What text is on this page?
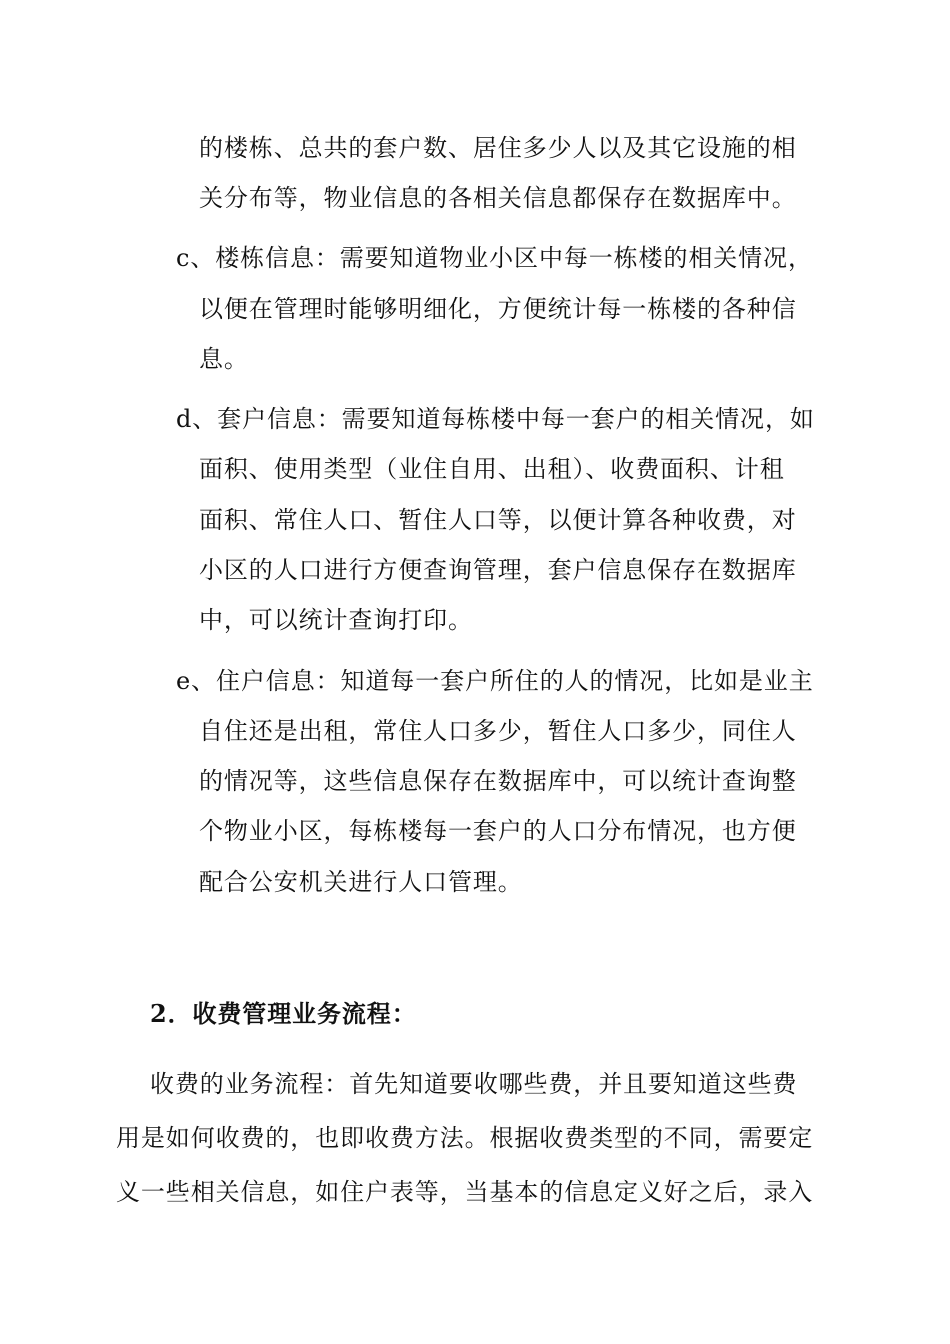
的楼栋、总共的套户数、居住多少人以及其它设施的相

关分布等，物业信息的各相关信息都保存在数据库中。

c、楼栋信息：需要知道物业小区中每一栋楼的相关情况，

以便在管理时能够明细化，方便统计每一栋楼的各种信

息。

d、套户信息：需要知道每栋楼中每一套户的相关情况，如

面积、使用类型（业住自用、出租）、收费面积、计租

面积、常住人口、暂住人口等，以便计算各种收费，对

小区的人口进行方便查询管理，套户信息保存在数据库

中，可以统计查询打印。

e、住户信息：知道每一套户所住的人的情况，比如是业主

自住还是出租，常住人口多少，暂住人口多少，同住人

的情况等，这些信息保存在数据库中，可以统计查询整

个物业小区，每栋楼每一套户的人口分布情况，也方便

配合公安机关进行人口管理。

2．收费管理业务流程：

收费的业务流程：首先知道要收哪些费，并且要知道这些费

用是如何收费的，也即收费方法。根据收费类型的不同，需要定

义一些相关信息，如住户表等，当基本的信息定义好之后，录入
